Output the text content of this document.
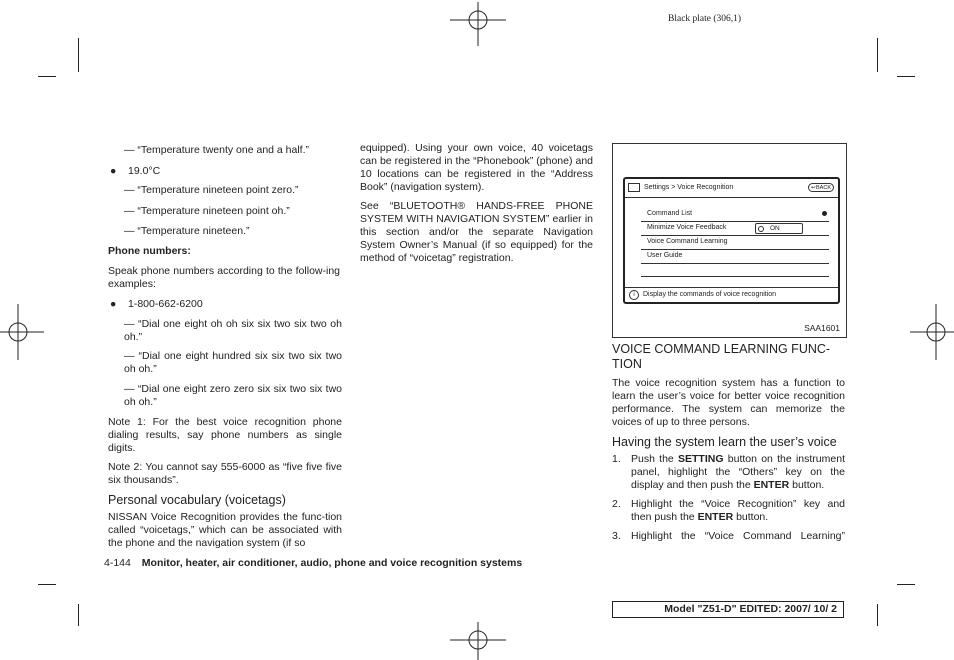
Black plate (306,1)
— “Temperature twenty one and a half.”
● 19.0°C
— “Temperature nineteen point zero.”
— “Temperature nineteen point oh.”
— “Temperature nineteen.”
Phone numbers:

Speak phone numbers according to the follow-ing examples:

● 1-800-662-6200

— “Dial one eight oh oh six six two six two oh oh.”

— “Dial one eight hundred six six two six two oh oh.”

— “Dial one eight zero zero six six two six two oh oh.”

Note 1: For the best voice recognition phone dialing results, say phone numbers as single digits.

Note 2: You cannot say 555-6000 as “five five five six thousands”.

Personal vocabulary (voicetags)

NISSAN Voice Recognition provides the func-tion called “voicetags,” which can be associated with the phone and the navigation system (if so

equipped). Using your own voice, 40 voicetags can be registered in the “Phonebook” (phone) and 10 locations can be registered in the “Address Book” (navigation system).

See “BLUETOOTH® HANDS-FREE PHONE SYSTEM WITH NAVIGATION SYSTEM” earlier in this section and/or the separate Navigation System Owner’s Manual (if so equipped) for the method of “voicetag” registration.

Settings > Voice Recognition	↩ BACK
Command List
Minimize Voice Feedback	ON
Voice Command Learning
User Guide
i	Display the commands of voice recognition
SAA1601

VOICE COMMAND LEARNING FUNC-TION

The voice recognition system has a function to learn the user’s voice for better voice recognition performance. The system can memorize the voices of up to three persons.

Having the system learn the user’s voice
1. Push the SETTING button on the instrument panel, highlight the “Others” key on the display and then push the ENTER button.

2. Highlight the “Voice Recognition” key and then push the ENTER button.

3. Highlight the “Voice Command Learning”

4-144 Monitor, heater, air conditioner, audio, phone and voice recognition systems
Model "Z51-D" EDITED: 2007/ 10/ 2
